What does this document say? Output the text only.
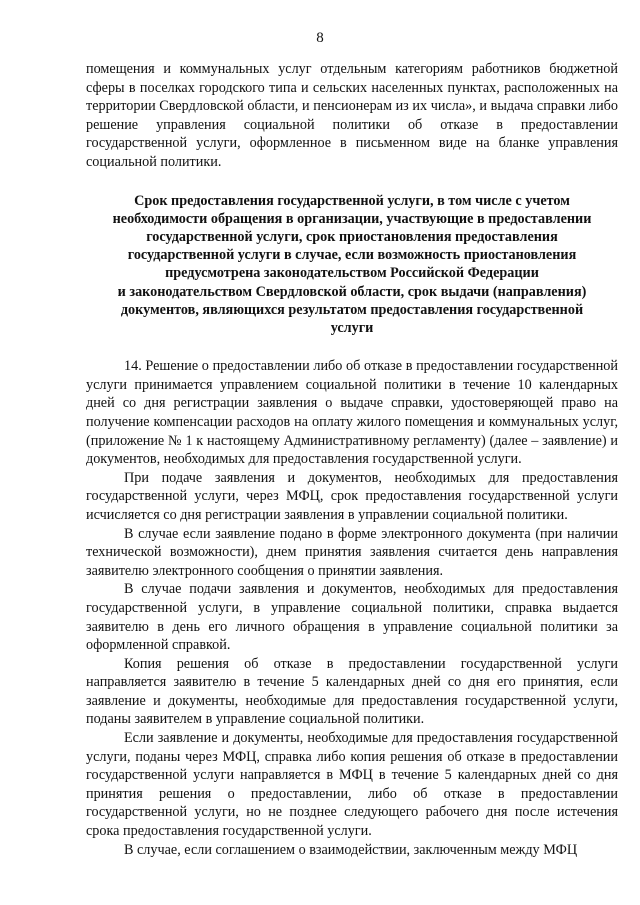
8

помещения и коммунальных услуг отдельным категориям работников бюджетной сферы в поселках городского типа и сельских населенных пунктах, расположенных на территории Свердловской области, и пенсионерам из их числа», и выдача справки либо решение управления социальной политики об отказе в предоставлении государственной услуги, оформленное в письменном виде на бланке управления социальной политики.

Срок предоставления государственной услуги, в том числе с учетом
необходимости обращения в организации, участвующие в предоставлении
государственной услуги, срок приостановления предоставления
государственной услуги в случае, если возможность приостановления
предусмотрена законодательством Российской Федерации
и законодательством Свердловской области, срок выдачи (направления)
документов, являющихся результатом предоставления государственной
услуги

14. Решение о предоставлении либо об отказе в предоставлении государственной услуги принимается управлением социальной политики в течение 10 календарных дней со дня регистрации заявления о выдаче справки, удостоверяющей право на получение компенсации расходов на оплату жилого помещения и коммунальных услуг, (приложение № 1 к настоящему Административному регламенту) (далее – заявление) и документов, необходимых для предоставления государственной услуги.

При подаче заявления и документов, необходимых для предоставления государственной услуги, через МФЦ, срок предоставления государственной услуги исчисляется со дня регистрации заявления в управлении социальной политики.

В случае если заявление подано в форме электронного документа (при наличии технической возможности), днем принятия заявления считается день направления заявителю электронного сообщения о принятии заявления.

В случае подачи заявления и документов, необходимых для предоставления государственной услуги, в управление социальной политики, справка выдается заявителю в день его личного обращения в управление социальной политики за оформленной справкой.

Копия решения об отказе в предоставлении государственной услуги направляется заявителю в течение 5 календарных дней со дня его принятия, если заявление и документы, необходимые для предоставления государственной услуги, поданы заявителем в управление социальной политики.

Если заявление и документы, необходимые для предоставления государственной услуги, поданы через МФЦ, справка либо копия решения об отказе в предоставлении государственной услуги направляется в МФЦ в течение 5 календарных дней со дня принятия решения о предоставлении, либо об отказе в предоставлении государственной услуги, но не позднее следующего рабочего дня после истечения срока предоставления государственной услуги.

В случае, если соглашением о взаимодействии, заключенным между МФЦ
